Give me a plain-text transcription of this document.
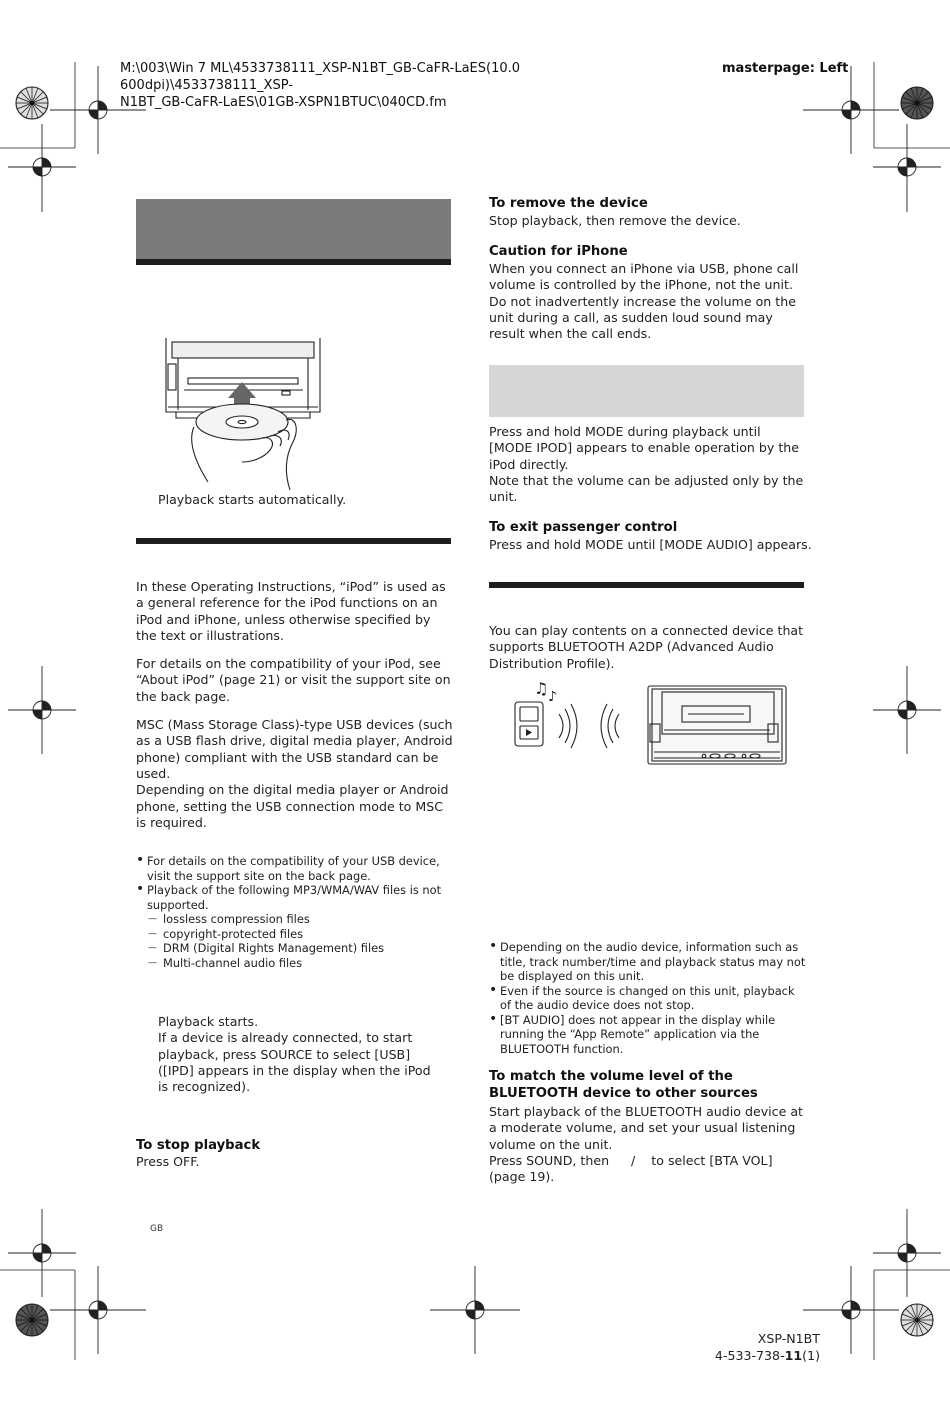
M:\003\Win 7 ML\4533738111_XSP-N1BT_GB-CaFR-LaES(10.0 600dpi)\4533738111_XSP-
N1BT_GB-CaFR-LaES\01GB-XSPN1BTUC\040CD.fm
masterpage: Left
Playback starts automatically.

In these Operating Instructions, “iPod” is used as a general reference for the iPod functions on an iPod and iPhone, unless otherwise specified by the text or illustrations.

For details on the compatibility of your iPod, see “About iPod” (page 21) or visit the support site on the back page.

MSC (Mass Storage Class)-type USB devices (such as a USB flash drive, digital media player, Android phone) compliant with the USB standard can be used.

Depending on the digital media player or Android phone, setting the USB connection mode to MSC is required.

• For details on the compatibility of your USB device, visit the support site on the back page.
• Playback of the following MP3/WMA/WAV files is not supported.
— lossless compression files
— copyright-protected files
— DRM (Digital Rights Management) files
— Multi-channel audio files

Playback starts.

If a device is already connected, to start playback, press SOURCE to select [USB] ([IPD] appears in the display when the iPod is recognized).

To stop playback
Press OFF.
GB
To remove the device
Stop playback, then remove the device.
Caution for iPhone
When you connect an iPhone via USB, phone call volume is controlled by the iPhone, not the unit. Do not inadvertently increase the volume on the unit during a call, as sudden loud sound may result when the call ends.

Press and hold MODE during playback until [MODE IPOD] appears to enable operation by the iPod directly.

Note that the volume can be adjusted only by the unit.

To exit passenger control
Press and hold MODE until [MODE AUDIO] appears.
You can play contents on a connected device that supports BLUETOOTH A2DP (Advanced Audio Distribution Profile).
♫ ♪
• Depending on the audio device, information such as title, track number/time and playback status may not be displayed on this unit.
• Even if the source is changed on this unit, playback of the audio device does not stop.
• [BT AUDIO] does not appear in the display while running the “App Remote” application via the BLUETOOTH function.
To match the volume level of the BLUETOOTH device to other sources
Start playback of the BLUETOOTH audio device at a moderate volume, and set your usual listening volume on the unit.
Press SOUND, then / to select [BTA VOL]
(page 19).
XSP-N1BT
4-533-738-11(1)
